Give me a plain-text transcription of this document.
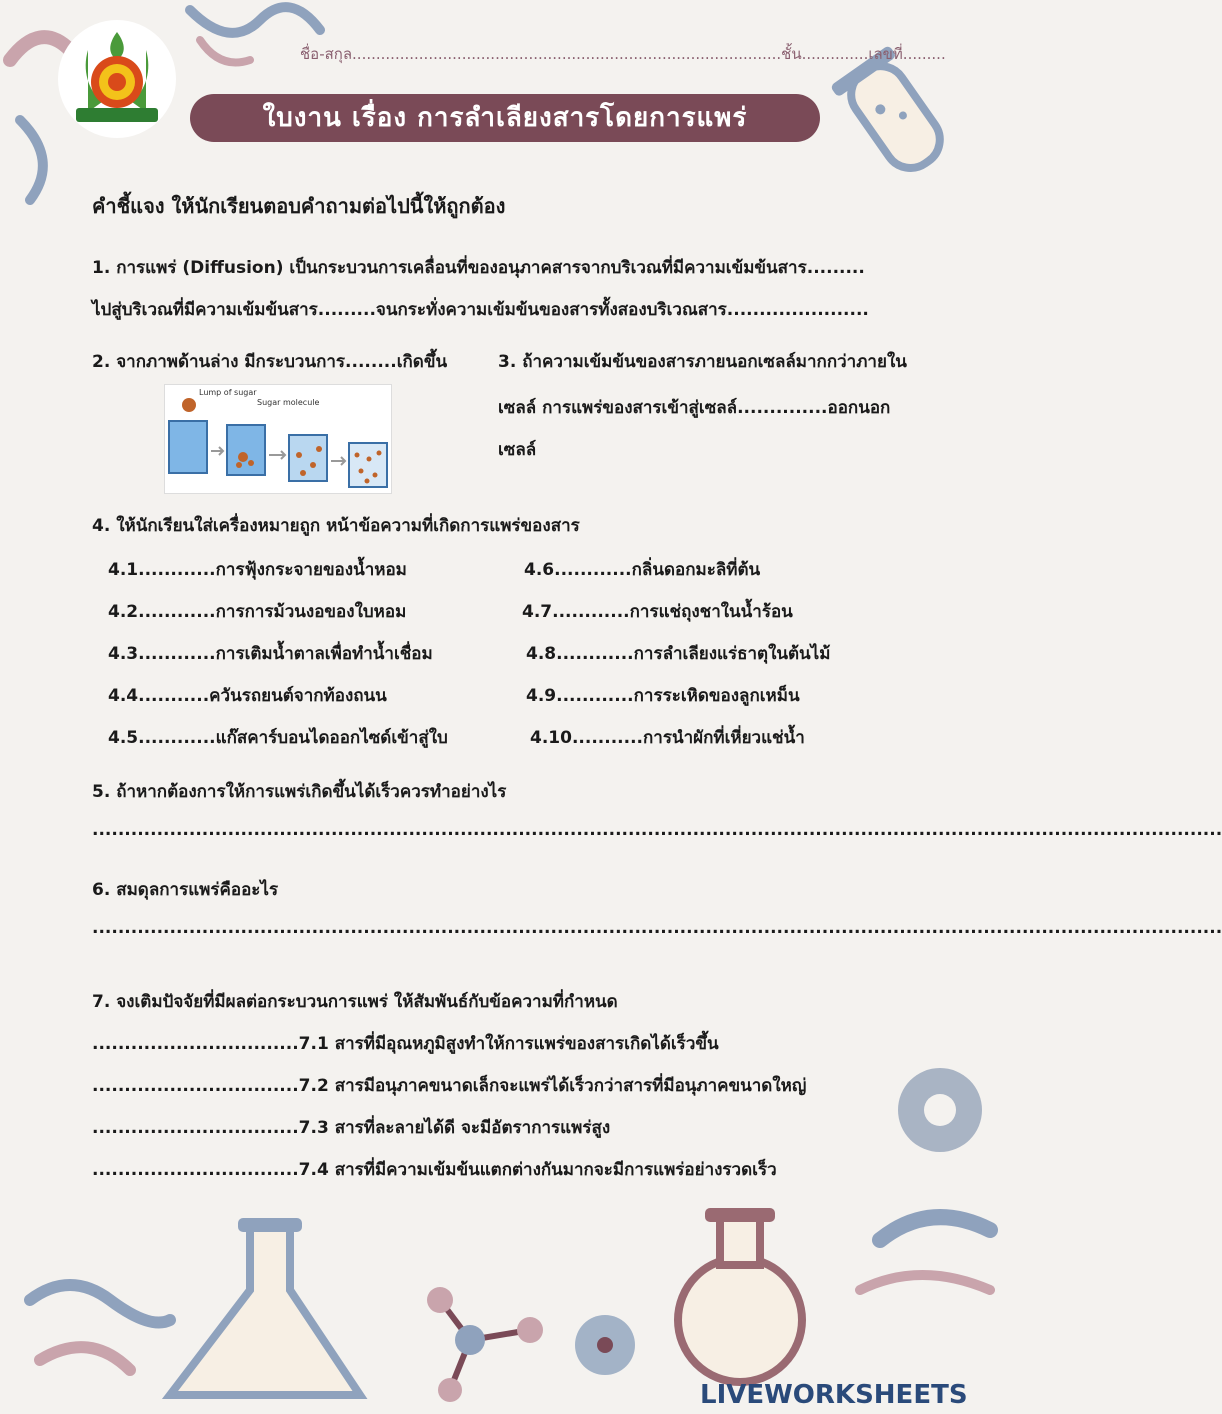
ชื่อ-สกุล..........................................................................................ชั้น..............เลขที่.........
ใบงาน เรื่อง การลำเลียงสารโดยการแพร่
คำชี้แจง ให้นักเรียนตอบคำถามต่อไปนี้ให้ถูกต้อง
1. การแพร่ (Diffusion) เป็นกระบวนการเคลื่อนที่ของอนุภาคสารจากบริเวณที่มีความเข้มข้นสาร.........
ไปสู่บริเวณที่มีความเข้มข้นสาร.........จนกระทั่งความเข้มข้นของสารทั้งสองบริเวณสาร......................
2. จากภาพด้านล่าง มีกระบวนการ........เกิดขึ้น
Lump of sugar
Sugar molecule
3. ถ้าความเข้มข้นของสารภายนอกเซลล์มากกว่าภายใน
เซลล์ การแพร่ของสารเข้าสู่เซลล์..............ออกนอก
เซลล์
4. ให้นักเรียนใส่เครื่องหมายถูก หน้าข้อความที่เกิดการแพร่ของสาร
4.1............การฟุ้งกระจายของน้ำหอม
4.2............การการม้วนงอของใบหอม
4.3............การเติมน้ำตาลเพื่อทำน้ำเชื่อม
4.4...........ควันรถยนต์จากท้องถนน
4.5............แก๊สคาร์บอนไดออกไซด์เข้าสู่ใบ
4.6............กลิ่นดอกมะลิที่ต้น
4.7............การแช่ถุงชาในน้ำร้อน
4.8............การลำเลียงแร่ธาตุในต้นไม้
4.9............การระเหิดของลูกเหม็น
4.10...........การนำผักที่เหี่ยวแช่น้ำ
5. ถ้าหากต้องการให้การแพร่เกิดขึ้นได้เร็วควรทำอย่างไร
...............................................................................................................................................................................
6. สมดุลการแพร่คืออะไร
...............................................................................................................................................................................
7. จงเติมปัจจัยที่มีผลต่อกระบวนการแพร่ ให้สัมพันธ์กับข้อความที่กำหนด
................................7.1 สารที่มีอุณหภูมิสูงทำให้การแพร่ของสารเกิดได้เร็วขึ้น
................................7.2 สารมีอนุภาคขนาดเล็กจะแพร่ได้เร็วกว่าสารที่มีอนุภาคขนาดใหญ่
................................7.3 สารที่ละลายได้ดี จะมีอัตราการแพร่สูง
................................7.4 สารที่มีความเข้มข้นแตกต่างกันมากจะมีการแพร่อย่างรวดเร็ว
LIVEWORKSHEETS
